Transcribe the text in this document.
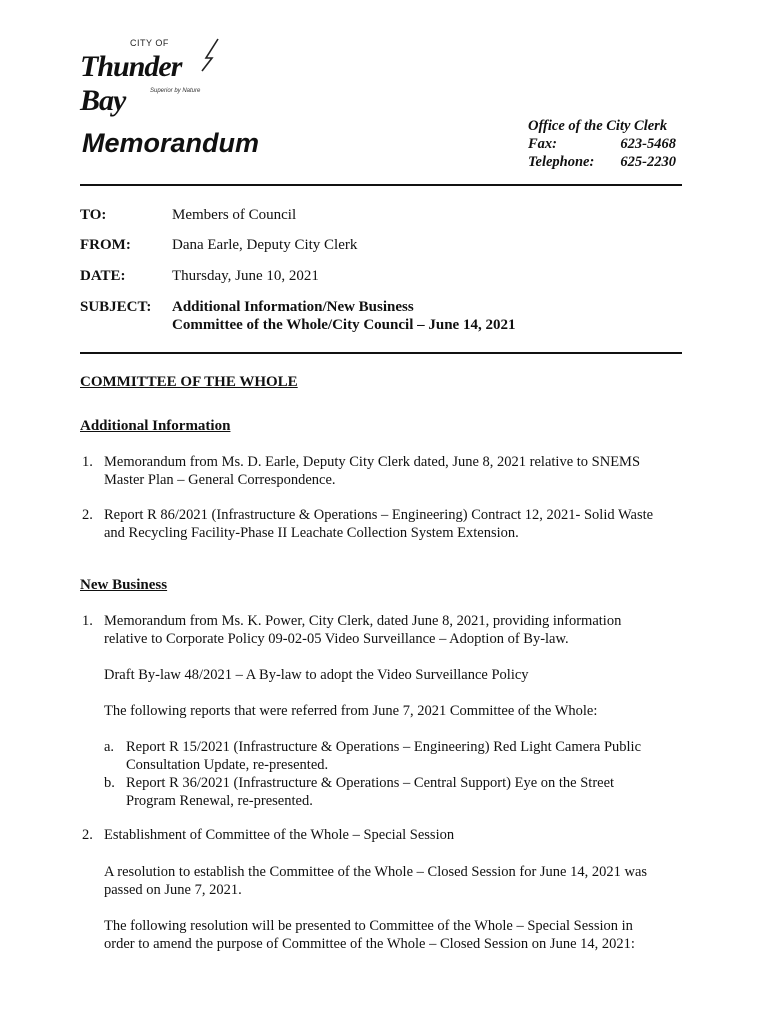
CITY OF
Thunder Bay	Superior by Nature
Memorandum
Office of the City Clerk
Fax:	623-5468
Telephone:	625-2230
TO:	Members of Council
FROM:	Dana Earle, Deputy City Clerk
DATE:	Thursday, June 10, 2021
SUBJECT: Additional Information/New Business
Committee of the Whole/City Council – June 14, 2021
COMMITTEE OF THE WHOLE
Additional Information
1. Memorandum from Ms. D. Earle, Deputy City Clerk dated, June 8, 2021 relative to SNEMS
Master Plan – General Correspondence.
2. Report R 86/2021 (Infrastructure & Operations – Engineering) Contract 12, 2021- Solid Waste
and Recycling Facility-Phase II Leachate Collection System Extension.
New Business
1. Memorandum from Ms. K. Power, City Clerk, dated June 8, 2021, providing information
relative to Corporate Policy 09-02-05 Video Surveillance – Adoption of By-law.
Draft By-law 48/2021 – A By-law to adopt the Video Surveillance Policy
The following reports that were referred from June 7, 2021 Committee of the Whole:
a. Report R 15/2021 (Infrastructure & Operations – Engineering) Red Light Camera Public
Consultation Update, re-presented.
b. Report R 36/2021 (Infrastructure & Operations – Central Support) Eye on the Street
Program Renewal, re-presented.
2. Establishment of Committee of the Whole – Special Session
A resolution to establish the Committee of the Whole – Closed Session for June 14, 2021 was
passed on June 7, 2021.
The following resolution will be presented to Committee of the Whole – Special Session in
order to amend the purpose of Committee of the Whole – Closed Session on June 14, 2021:
